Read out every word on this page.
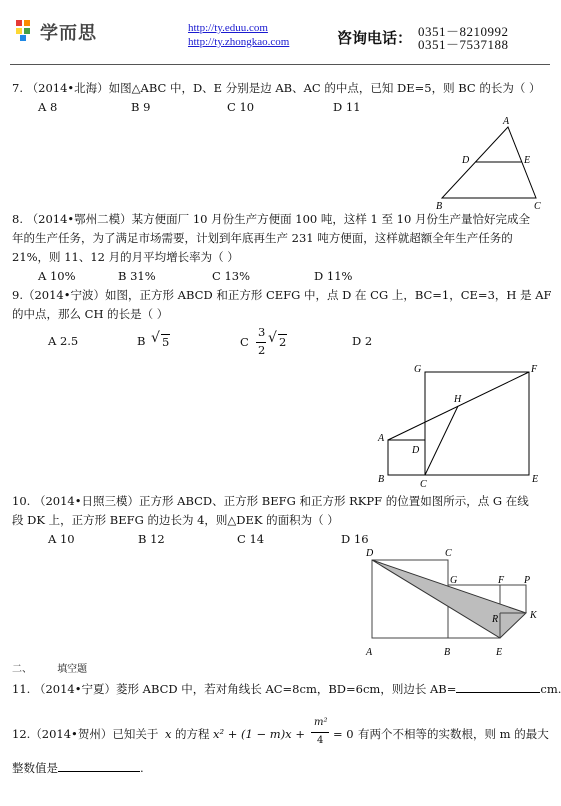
学而思	http://ty.eduu.com
http://ty.zhongkao.com	咨询电话： 0351－8210992
0351－7537188
7. （2014•北海）如图△ABC 中，D、E 分别是边 AB、AC 的中点，已知 DE=5，则 BC 的长为（ ）
A 8	B 9	C 10	D 11
A
D	E
B	C
8. （2014•鄂州二模）某方便面厂 10 月份生产方便面 100 吨，这样 1 至 10 月份生产量恰好完成全
年的生产任务，为了满足市场需要，计划到年底再生产 231 吨方便面，这样就超额全年生产任务的
21%，则 11、12 月的月平均增长率为（ ）
A 10%	B 31%	C 13%	D 11%
9.（2014•宁波）如图，正方形 ABCD 和正方形 CEFG 中，点 D 在 CG 上，BC=1，CE=3，H 是 AF
的中点，那么 CH 的长是（ ）
A 2.5	B √ 5	C
3
2
√ 2	D 2
G	F
H
A
D
B	C	E
10. （2014•日照三模）正方形 ABCD、正方形 BEFG 和正方形 RKPF 的位置如图所示，点 G 在线
段 DK 上，正方形 BEFG 的边长为 4，则△DEK 的面积为（ ）
A 10	B 12	C 14	D 16
D	C
G	F P
R	K
A	B	E
二、	填空题
11. （2014•宁夏）菱形 ABCD 中，若对角线长 AC=8cm，BD=6cm，则边长 AB=	cm.
12.（2014•贺州）已知关于 x 的方程 x² + (1 − m)x +
m²
4 = 0 有两个不相等的实数根，则 m 的最大
整数值是	.
